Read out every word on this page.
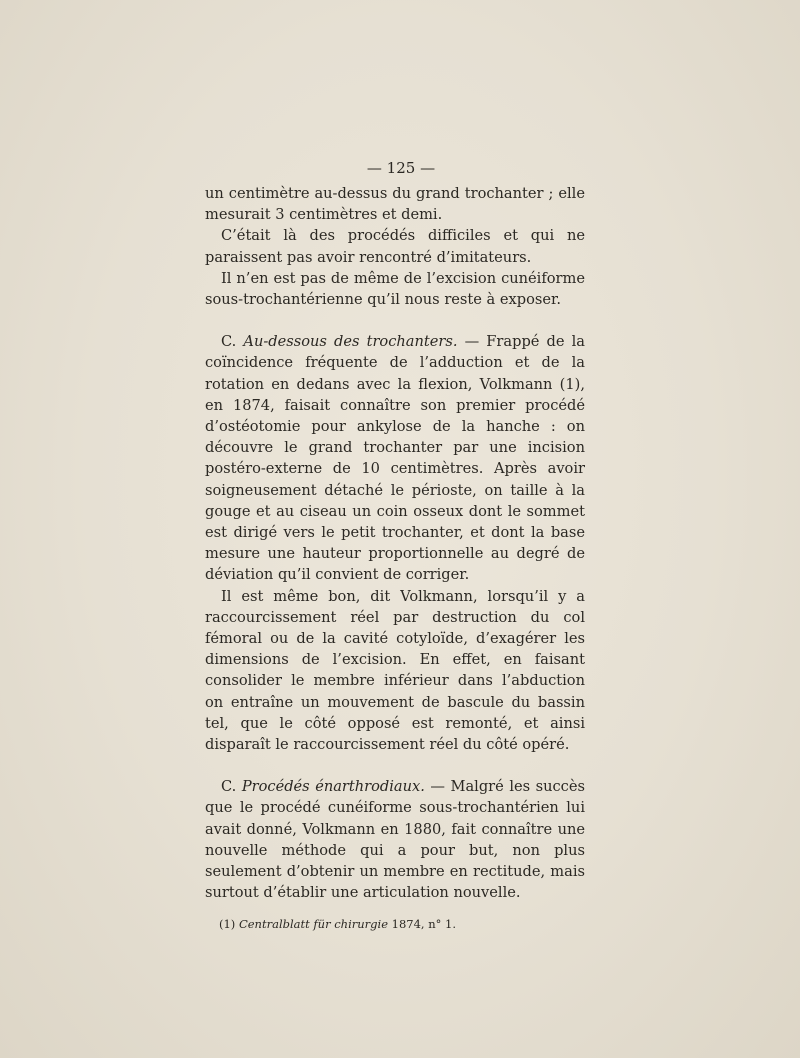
— 125 —

un centimètre au-dessus du grand trochanter ; elle mesurait 3 centimètres et demi.

C’était là des procédés difficiles et qui ne paraissent pas avoir rencontré d’imitateurs.

Il n’en est pas de même de l’excision cunéiforme sous-trochantérienne qu’il nous reste à exposer.

C. Au-dessous des trochanters. — Frappé de la coïncidence fréquente de l’adduction et de la rotation en dedans avec la flexion, Volkmann (1), en 1874, faisait connaître son premier procédé d’ostéotomie pour ankylose de la hanche : on découvre le grand trochanter par une incision postéro-externe de 10 centimètres. Après avoir soigneusement détaché le périoste, on taille à la gouge et au ciseau un coin osseux dont le sommet est dirigé vers le petit trochanter, et dont la base mesure une hauteur proportionnelle au degré de déviation qu’il convient de corriger.

Il est même bon, dit Volkmann, lorsqu’il y a raccourcissement réel par destruction du col fémoral ou de la cavité cotyloïde, d’exagérer les dimensions de l’excision. En effet, en faisant consolider le membre inférieur dans l’abduction on entraîne un mouvement de bascule du bassin tel, que le côté opposé est remonté, et ainsi disparaît le raccourcissement réel du côté opéré.

C. Procédés énarthrodiaux. — Malgré les succès que le procédé cunéiforme sous-trochantérien lui avait donné, Volkmann en 1880, fait connaître une nouvelle méthode qui a pour but, non plus seulement d’obtenir un membre en rectitude, mais surtout d’établir une articulation nouvelle.

(1) Centralblatt für chirurgie 1874, n° 1.
